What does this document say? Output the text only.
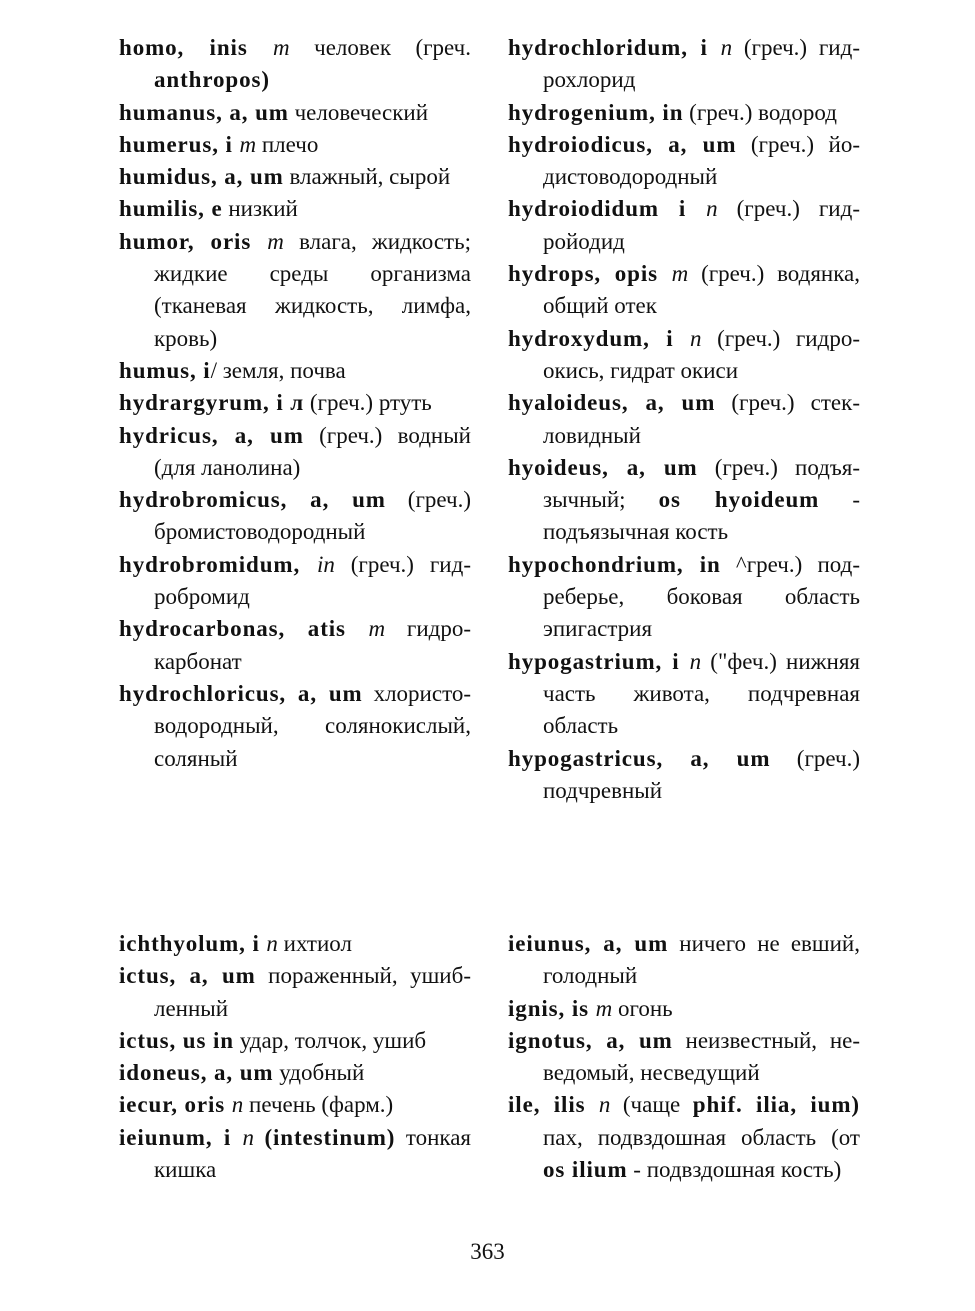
homo, inis m человек (греч. anthropos)
humanus, a, um человеческий
humerus, i m плечо
humidus, a, um влажный, сырой
humilis, e низкий
humor, oris m влага, жидкость; жидкие среды организма (тканевая жидкость, лимфа, кровь)
humus, i/ земля, почва
hydrargyrum, i л (греч.) ртуть
hydricus, a, um (греч.) водный (для ланолина)
hydrobromicus, a, um (греч.) бромистоводородный
hydrobromidum, in (греч.) гидробромид
hydrocarbonas, atis m гидрокарбонат
hydrochloricus, a, um хлористоводородный, солянокислый, соляный
hydrochloridum, i n (греч.) гидрохлорид
hydrogenium, in (греч.) водород
hydroiodicus, a, um (греч.) йодистоводородный
hydroiodidum i n (греч.) гидройодид
hydrops, opis m (греч.) водянка, общий отек
hydroxydum, i n (греч.) гидроокись, гидрат окиси
hyaloideus, a, um (греч.) стекловидный
hyoideus, a, um (греч.) подъязычный; os hyoideum - подъязычная кость
hypochondrium, in ^греч.) подреберье, боковая область эпигастрия
hypogastrium, i n ("феч.) нижняя часть живота, подчревная область
hypogastricus, a, um (греч.) подчревный
ichthyolum, i n ихтиол
ictus, a, um пораженный, ушибленный
ictus, us in удар, толчок, ушиб
idoneus, a, um удобный
iecur, oris n печень (фарм.)
ieiunum, i n (intestinum) тонкая кишка
ieiunus, a, um ничего не евший, голодный
ignis, is m огонь
ignotus, a, um неизвестный, неведомый, несведущий
ile, ilis n (чаще phif. ilia, ium) пах, подвздошная область (от os ilium - подвздошная кость)
363
